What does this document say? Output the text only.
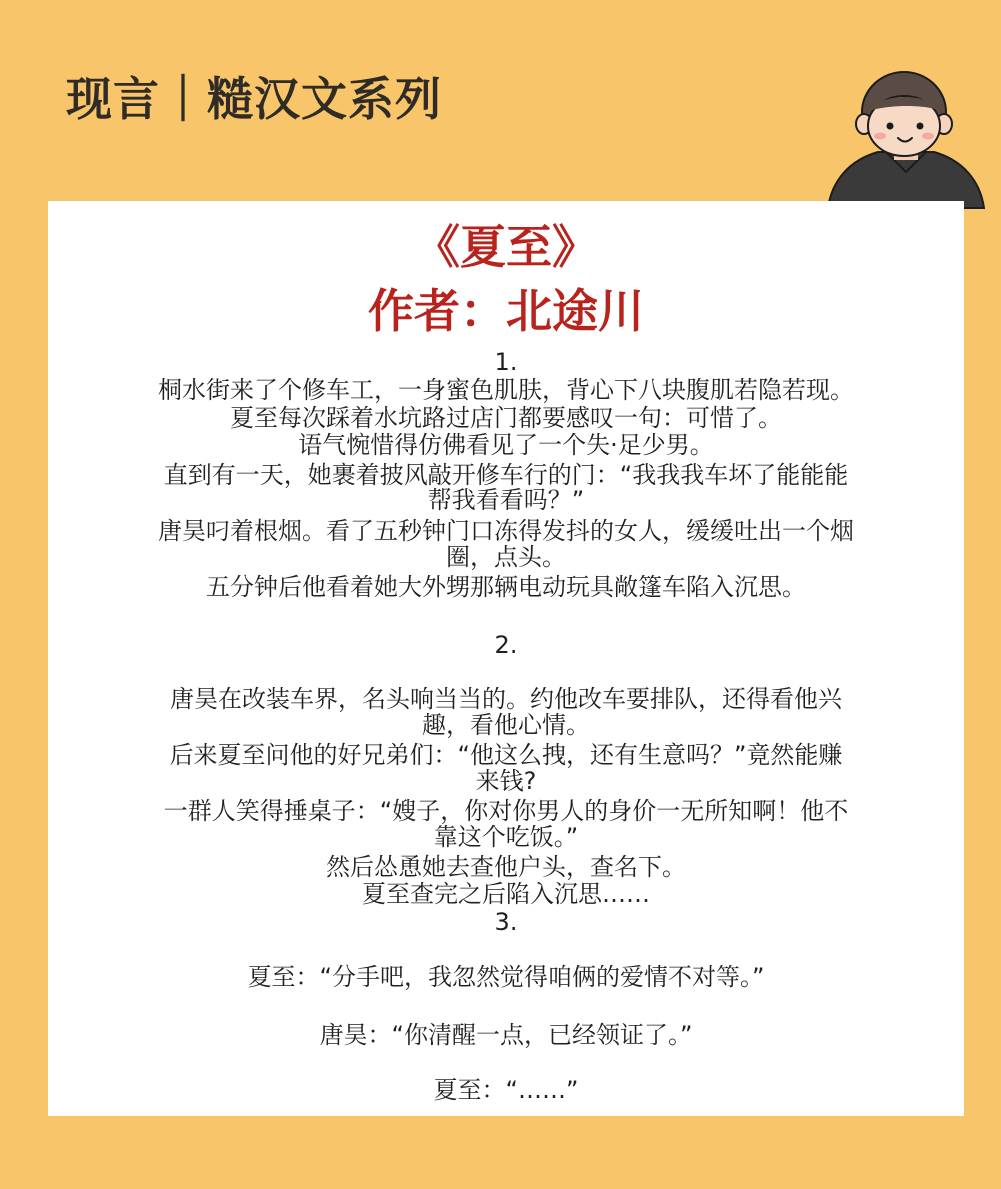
现言｜糙汉文系列
《夏至》
作者：北途川
1.
桐水街来了个修车工，一身蜜色肌肤，背心下八块腹肌若隐若现。
夏至每次踩着水坑路过店门都要感叹一句：可惜了。
语气惋惜得仿佛看见了一个失·足少男。
直到有一天，她裹着披风敲开修车行的门：“我我我车坏了能能能
帮我看看吗？”
唐昊叼着根烟。看了五秒钟门口冻得发抖的女人，缓缓吐出一个烟
圈，点头。
五分钟后他看着她大外甥那辆电动玩具敞篷车陷入沉思。
2.
唐昊在改装车界，名头响当当的。约他改车要排队，还得看他兴
趣，看他心情。
后来夏至问他的好兄弟们：“他这么拽，还有生意吗？”竟然能赚
来钱?
一群人笑得捶桌子：“嫂子，你对你男人的身价一无所知啊！他不
靠这个吃饭。”
然后怂恿她去查他户头，查名下。
夏至查完之后陷入沉思……
3.
夏至：“分手吧，我忽然觉得咱俩的爱情不对等。”
唐昊：“你清醒一点，已经领证了。”
夏至：“……”
